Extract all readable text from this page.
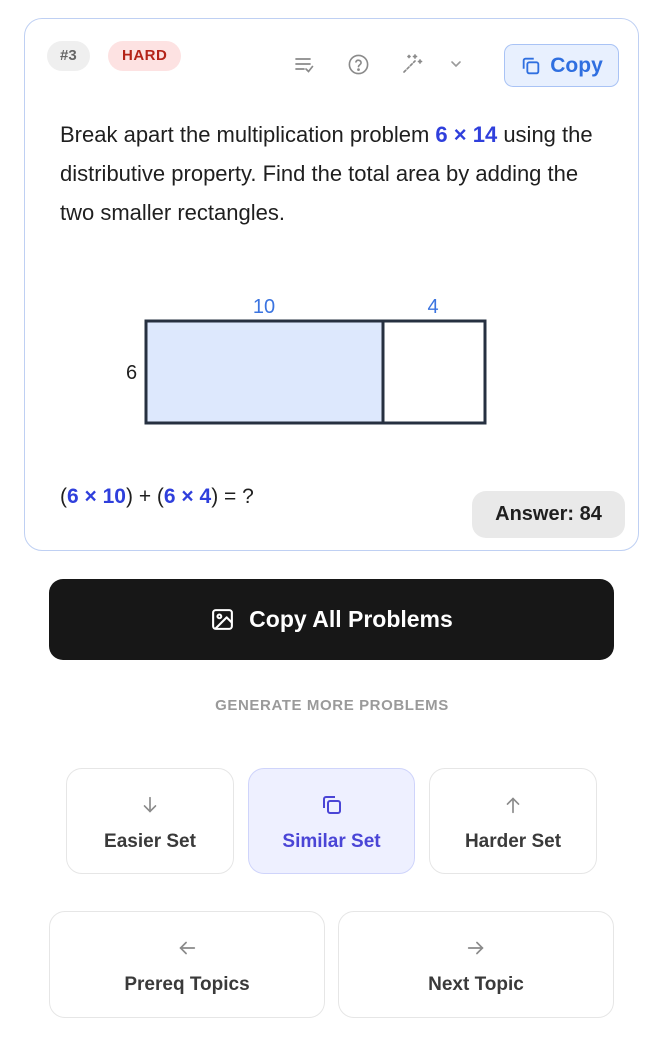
#3	HARD	Copy

Break apart the multiplication problem 6 × 14 using the distributive property. Find the total area by adding the two smaller rectangles.

10	4
6
(6 × 10) + (6 × 4) = ?
Answer: 84
Copy All Problems
GENERATE MORE PROBLEMS
Easier Set	Similar Set	Harder Set
Prereq Topics	Next Topic
